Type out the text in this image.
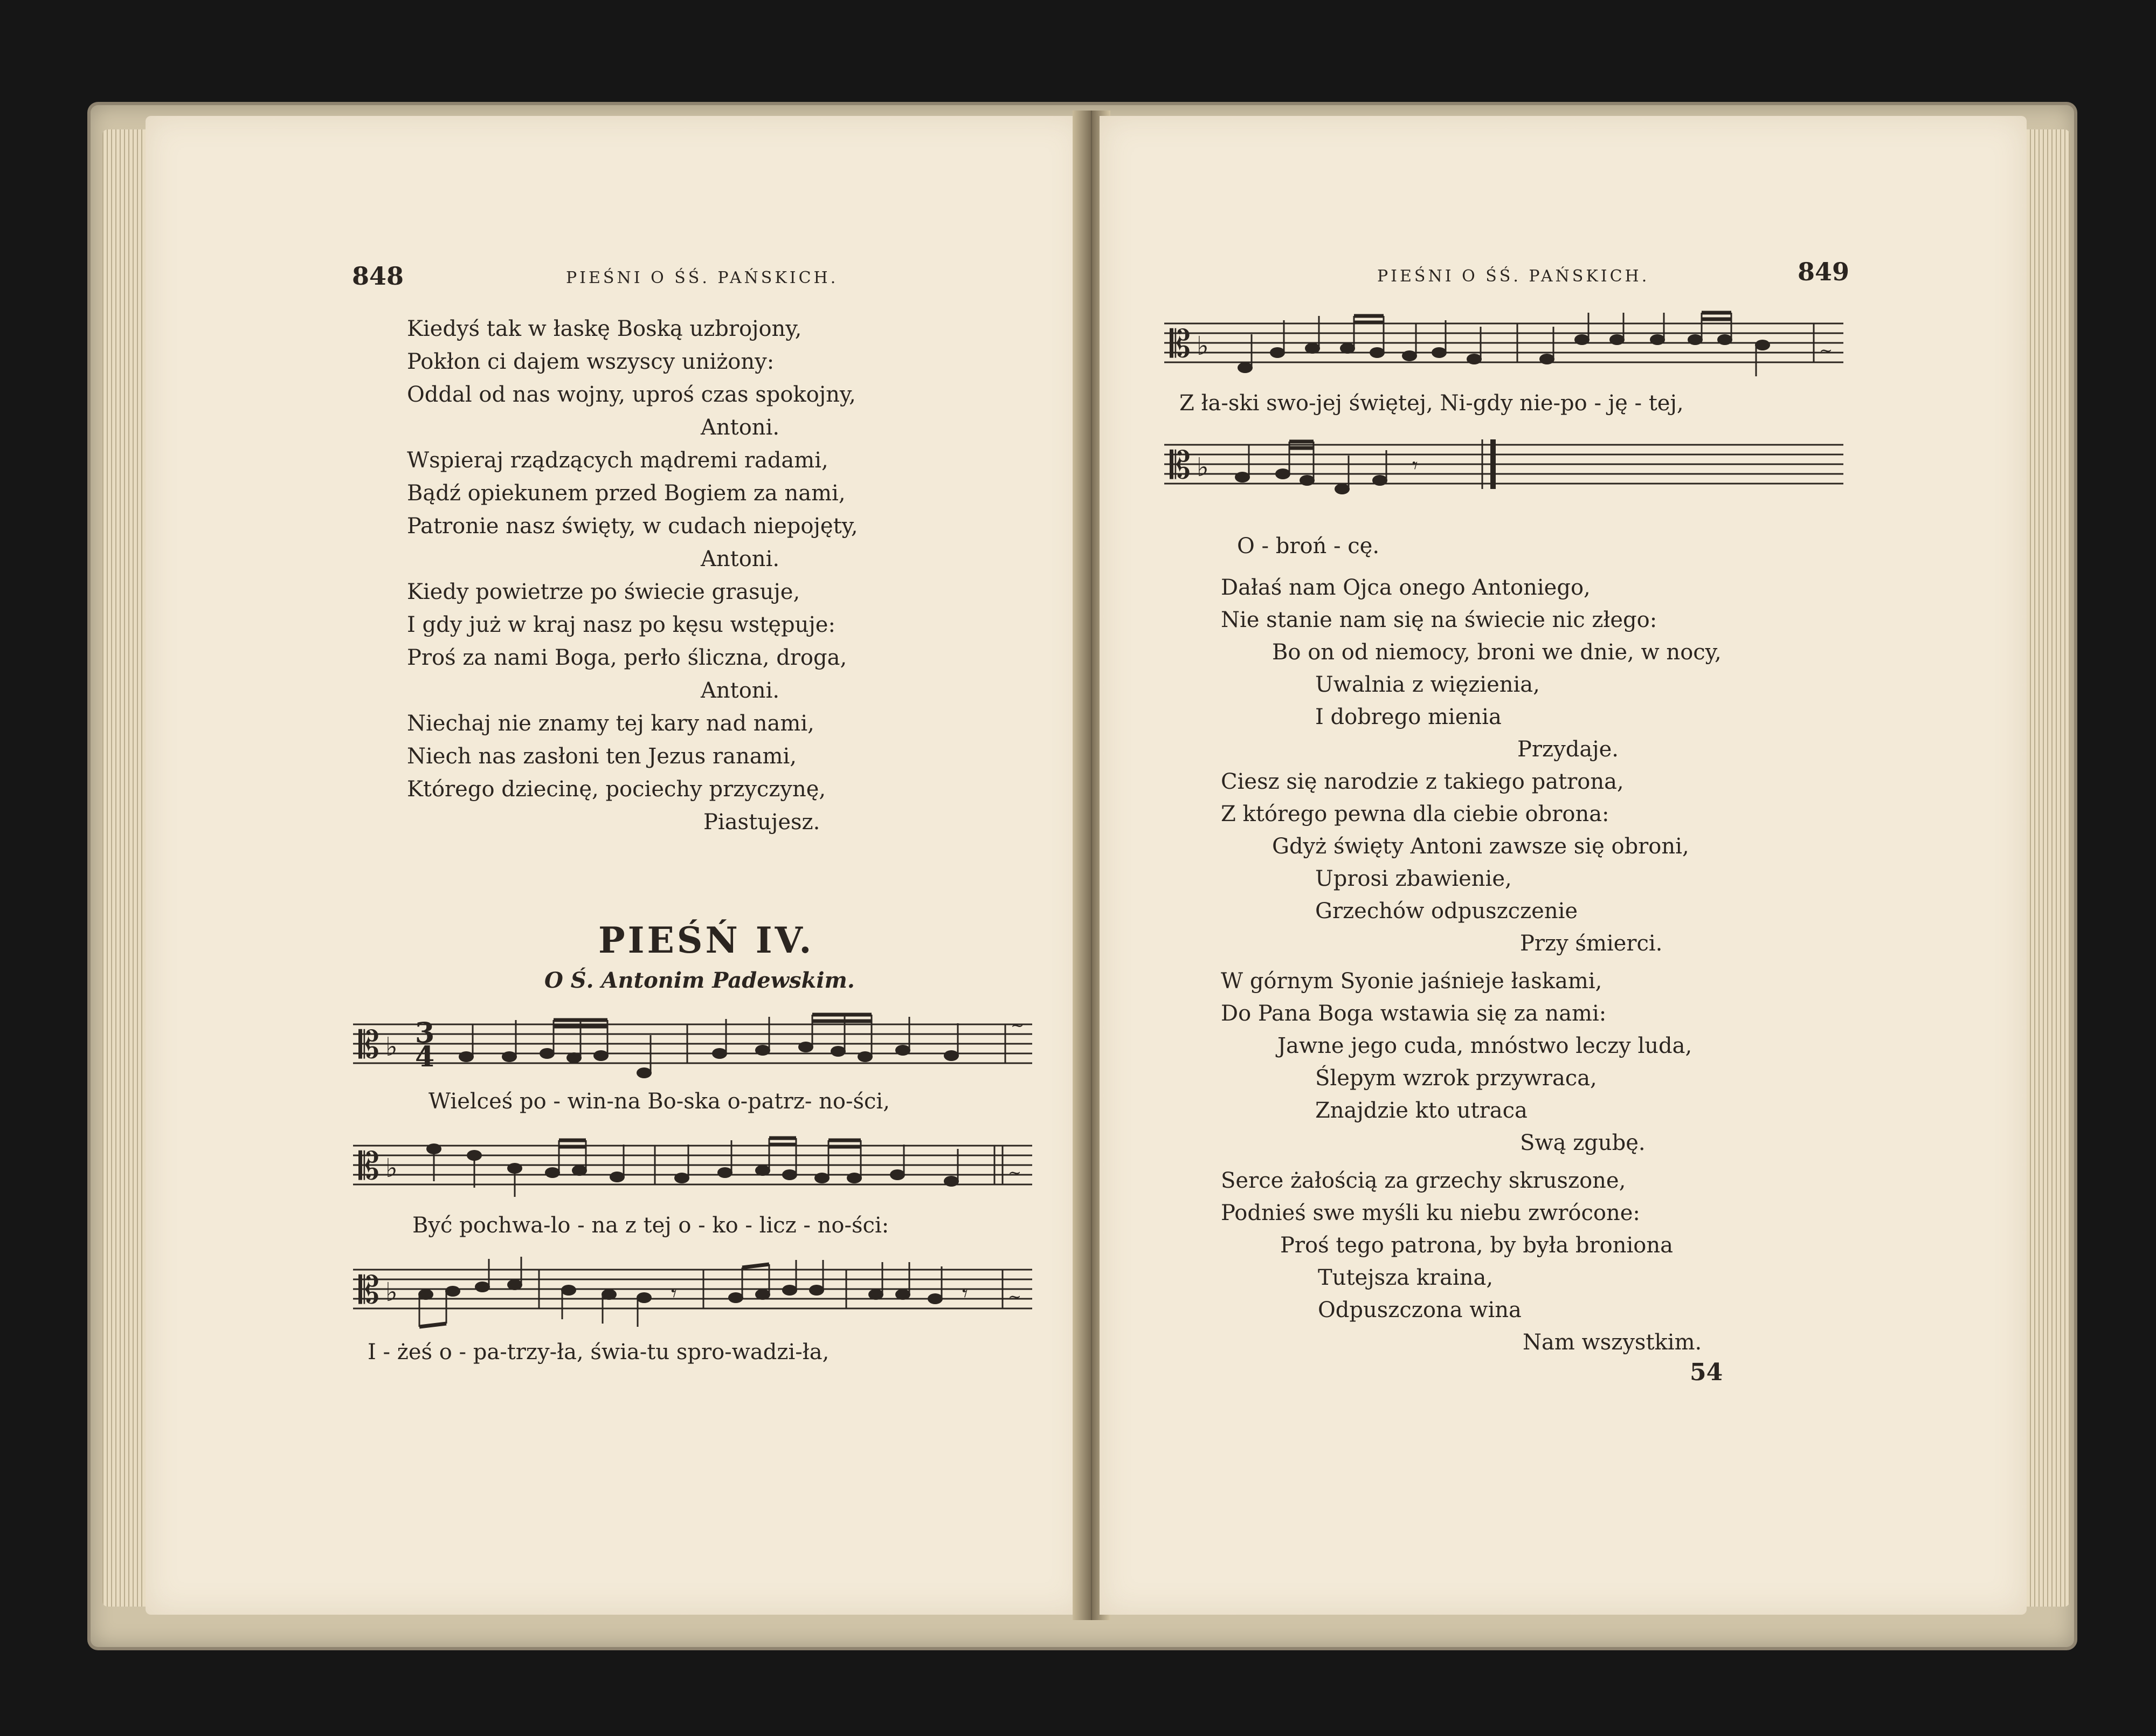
848	PIEŚNI O ŚŚ. PAŃSKICH.
Kiedyś tak w łaskę Boską uzbrojony,
Pokłon ci dajem wszyscy uniżony:
Oddal od nas wojny, uproś czas spokojny,
Antoni.
Wspieraj rządzących mądremi radami,
Bądź opiekunem przed Bogiem za nami,
Patronie nasz święty, w cudach niepojęty,
Antoni.
Kiedy powietrze po świecie grasuje,
I gdy już w kraj nasz po kęsu wstępuje:
Proś za nami Boga, perło śliczna, droga,
Antoni.
Niechaj nie znamy tej kary nad nami,
Niech nas zasłoni ten Jezus ranami,
Którego dziecinę, pociechy przyczynę,
Piastujesz.
PIEŚŃ IV.
O Ś. Antonim Padewskim.
𝄡 ♭ 3
4
~
Wielceś po - win-na Bo-ska o-patrz- no-ści,
𝄡 ♭	~
Być pochwa-lo - na z tej o - ko - licz - no-ści:
𝄡 ♭	𝄾	𝄾 ~
I - żeś o - pa-trzy-ła, świa-tu spro-wadzi-ła,
PIEŚNI O ŚŚ. PAŃSKICH.	849
𝄡 ♭	~
Z ła-ski swo-jej świętej, Ni-gdy nie-po - ję - tej,
𝄡 ♭	𝄾
O - broń - cę.
Dałaś nam Ojca onego Antoniego,
Nie stanie nam się na świecie nic złego:
Bo on od niemocy, broni we dnie, w nocy,
Uwalnia z więzienia,
I dobrego mienia
Przydaje.
Ciesz się narodzie z takiego patrona,
Z którego pewna dla ciebie obrona:
Gdyż święty Antoni zawsze się obroni,
Uprosi zbawienie,
Grzechów odpuszczenie
Przy śmierci.
W górnym Syonie jaśnieje łaskami,
Do Pana Boga wstawia się za nami:
Jawne jego cuda, mnóstwo leczy luda,
Ślepym wzrok przywraca,
Znajdzie kto utraca
Swą zgubę.
Serce żałością za grzechy skruszone,
Podnieś swe myśli ku niebu zwrócone:
Proś tego patrona, by była broniona
Tutejsza kraina,
Odpuszczona wina
Nam wszystkim.
54
